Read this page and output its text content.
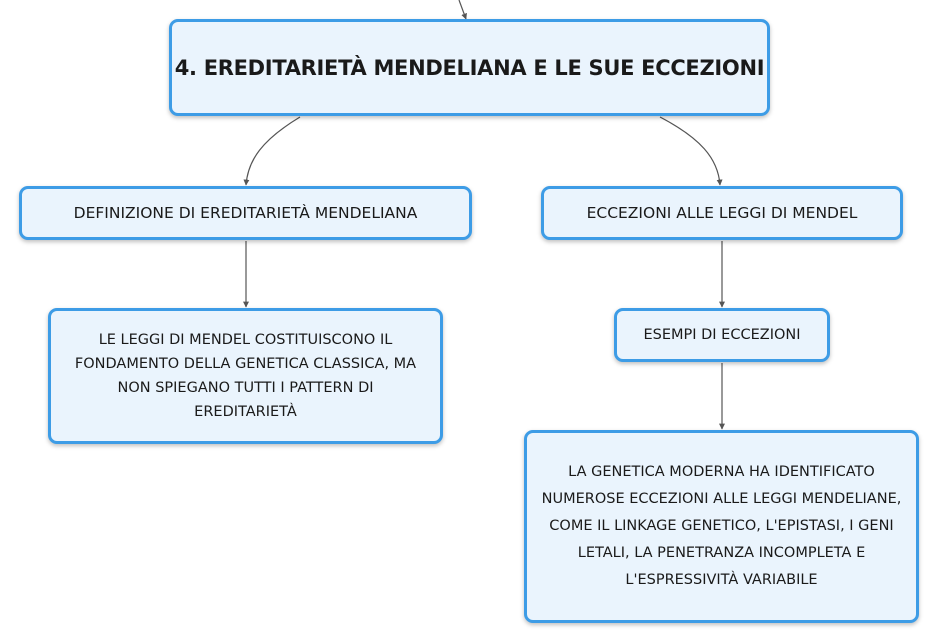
4. EREDITARIETÀ MENDELIANA E LE SUE ECCEZIONI
DEFINIZIONE DI EREDITARIETÀ MENDELIANA	ECCEZIONI ALLE LEGGI DI MENDEL
LE LEGGI DI MENDEL COSTITUISCONO IL FONDAMENTO DELLA GENETICA CLASSICA, MA NON SPIEGANO TUTTI I PATTERN DI EREDITARIETÀ
ESEMPI DI ECCEZIONI
LA GENETICA MODERNA HA IDENTIFICATO NUMEROSE ECCEZIONI ALLE LEGGI MENDELIANE, COME IL LINKAGE GENETICO, L'EPISTASI, I GENI LETALI, LA PENETRANZA INCOMPLETA E L'ESPRESSIVITÀ VARIABILE
